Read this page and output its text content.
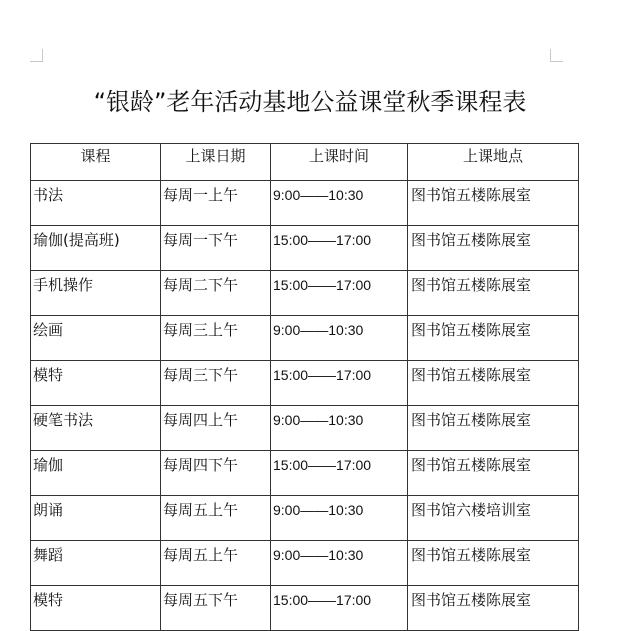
“银龄”老年活动基地公益课堂秋季课程表
课程	上课日期	上课时间	上课地点
书法	每周一上午	9:00——10:30	图书馆五楼陈展室
瑜伽(提高班)	每周一下午	15:00——17:00	图书馆五楼陈展室
手机操作	每周二下午	15:00——17:00	图书馆五楼陈展室
绘画	每周三上午	9:00——10:30	图书馆五楼陈展室
模特	每周三下午	15:00——17:00	图书馆五楼陈展室
硬笔书法	每周四上午	9:00——10:30	图书馆五楼陈展室
瑜伽	每周四下午	15:00——17:00	图书馆五楼陈展室
朗诵	每周五上午	9:00——10:30	图书馆六楼培训室
舞蹈	每周五上午	9:00——10:30	图书馆五楼陈展室
模特	每周五下午	15:00——17:00	图书馆五楼陈展室
